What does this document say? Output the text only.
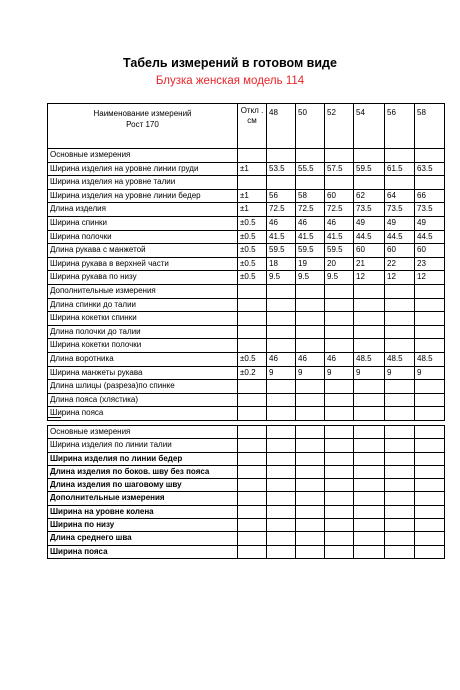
Табель измерений в готовом виде
Блузка женская модель 114
Наименование измерений
Рост 170	Откл . см	48	50	52	54	56	58
Основные измерения							
Ширина изделия на уровне линии груди	±1	53.5	55.5	57.5	59.5	61.5	63.5
Ширина изделия на уровне талии							
Ширина изделия на уровне линии бедер	±1	56	58	60	62	64	66
Длина изделия	±1	72.5	72.5	72.5	73.5	73.5	73.5
Ширина спинки	±0.5	46	46	46	49	49	49
Ширина полочки	±0.5	41.5	41.5	41.5	44.5	44.5	44.5
Длина рукава с манжетой	±0.5	59.5	59.5	59.5	60	60	60
Ширина рукава в верхней части	±0.5	18	19	20	21	22	23
Ширина рукава по низу	±0.5	9.5	9.5	9.5	12	12	12
Дополнительные измерения							
Длина спинки до талии							
Ширина кокетки спинки							
Длина полочки до талии							
Ширина кокетки полочки							
Длина воротника	±0.5	46	46	46	48.5	48.5	48.5
Ширина манжеты рукава	±0.2	9	9	9	9	9	9
Длина шлицы (разреза)по спинке							
Длина пояса (хлястика)							
Ширина пояса							
Основные измерения							
Ширина изделия по линии талии							
Ширина изделия по линии бедер							
Длина изделия по боков. шву без пояса							
Длина изделия по шаговому шву							
Дополнительные измерения							
Ширина на уровне колена							
Ширина по низу							
Длина среднего шва							
Ширина пояса							
